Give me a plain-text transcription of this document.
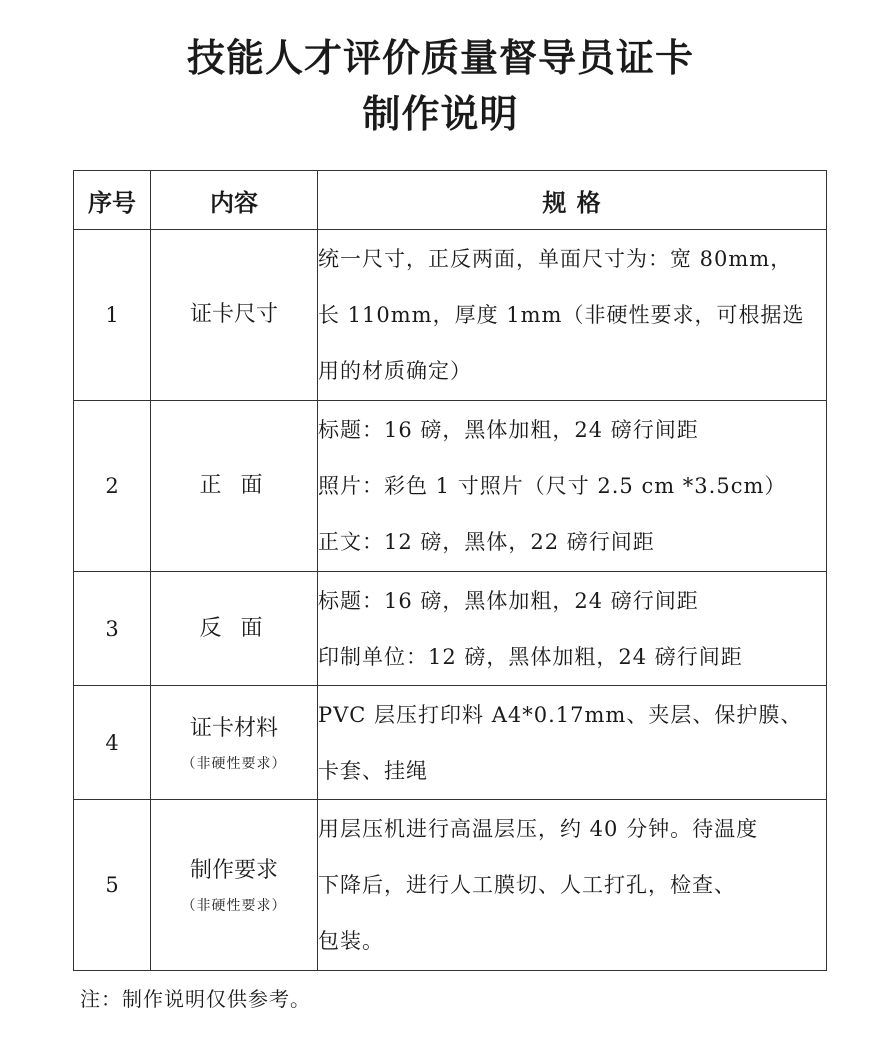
技能人才评价质量督导员证卡
制作说明
序号	内容	规 格
1	证卡尺寸	统一尺寸，正反两面，单面尺寸为：宽 80mm，
长 110mm，厚度 1mm（非硬性要求，可根据选
用的材质确定）

2	正 面	标题：16 磅，黑体加粗，24 磅行间距
照片：彩色 1 寸照片（尺寸 2.5 cm *3.5cm）
正文：12 磅，黑体，22 磅行间距

3	反 面	标题：16 磅，黑体加粗，24 磅行间距
印制单位：12 磅，黑体加粗，24 磅行间距

4	证卡材料
（非硬性要求）	PVC 层压打印料 A4*0.17mm、夹层、保护膜、
卡套、挂绳

5	制作要求
（非硬性要求）	用层压机进行高温层压，约 40 分钟。待温度
下降后，进行人工膜切、人工打孔，检查、
包装。
注：制作说明仅供参考。
